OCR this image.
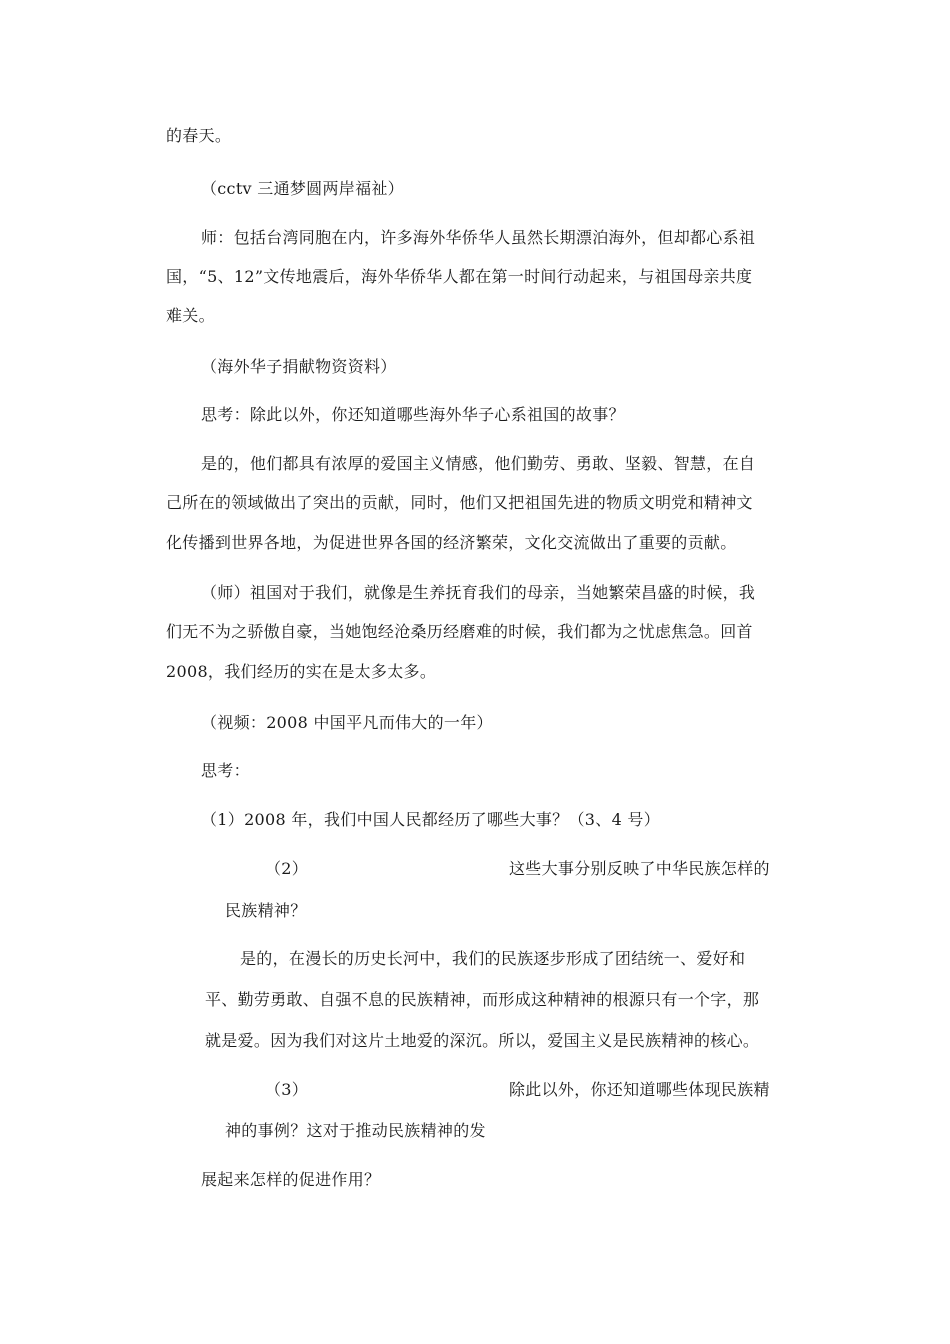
的春天。
（cctv 三通梦圆两岸福祉）
师：包括台湾同胞在内，许多海外华侨华人虽然长期漂泊海外，但却都心系祖
国，“5、12”文传地震后，海外华侨华人都在第一时间行动起来，与祖国母亲共度
难关。
（海外华子捐献物资资料）
思考：除此以外，你还知道哪些海外华子心系祖国的故事？
是的，他们都具有浓厚的爱国主义情感，他们勤劳、勇敢、坚毅、智慧，在自
己所在的领域做出了突出的贡献，同时，他们又把祖国先进的物质文明党和精神文
化传播到世界各地，为促进世界各国的经济繁荣，文化交流做出了重要的贡献。
（师）祖国对于我们，就像是生养抚育我们的母亲，当她繁荣昌盛的时候，我
们无不为之骄傲自豪，当她饱经沧桑历经磨难的时候，我们都为之忧虑焦急。回首
2008，我们经历的实在是太多太多。
（视频：2008 中国平凡而伟大的一年）
思考：
（1）2008 年，我们中国人民都经历了哪些大事？（3、4 号）
（2）	这些大事分别反映了中华民族怎样的
民族精神？
是的，在漫长的历史长河中，我们的民族逐步形成了团结统一、爱好和
平、勤劳勇敢、自强不息的民族精神，而形成这种精神的根源只有一个字，那
就是爱。因为我们对这片土地爱的深沉。所以，爱国主义是民族精神的核心。
（3）	除此以外，你还知道哪些体现民族精
神的事例？这对于推动民族精神的发
展起来怎样的促进作用？
